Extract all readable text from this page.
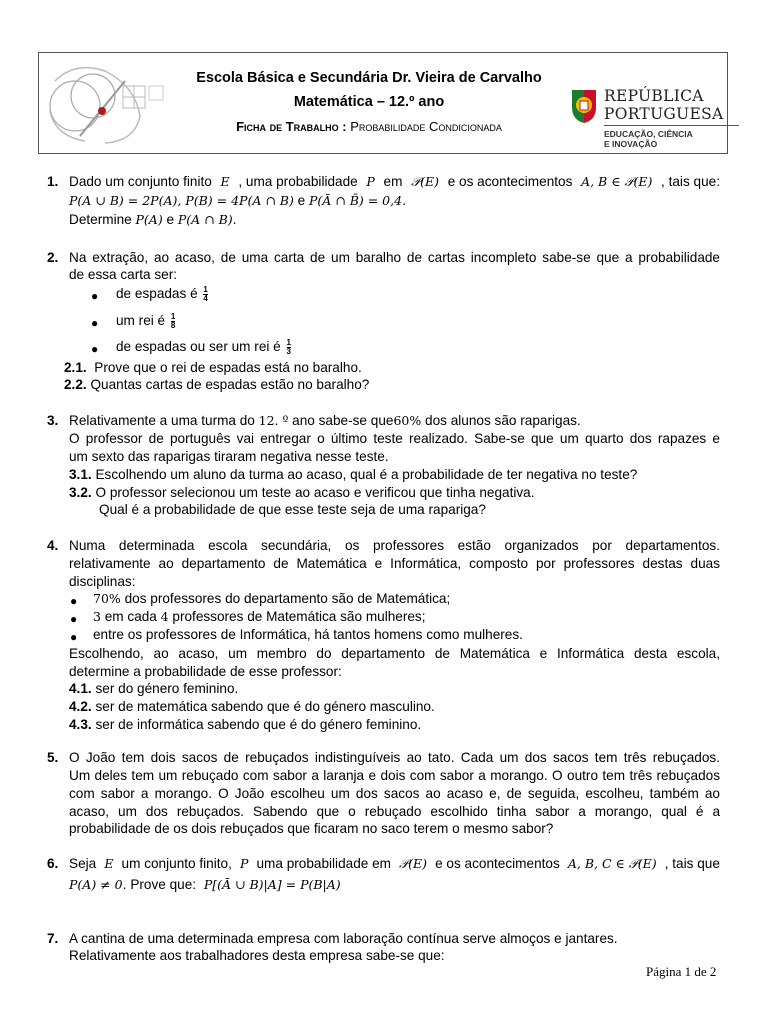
Escola Básica e Secundária Dr. Vieira de Carvalho
Matemática – 12.º ano
Ficha de Trabalho : Probabilidade Condicionada
REPÚBLICA
PORTUGUESA
EDUCAÇÃO, CIÊNCIA
E INOVAÇÃO
1. Dado um conjunto finito E , uma probabilidade P em 𝒫(E) e os acontecimentos A, B ∈ 𝒫(E) , tais que:
P(A ∪ B) = 2P(A), P(B) = 4P(A ∩ B) e P(Ā ∩ B̄) = 0,4.
Determine P(A) e P(A ∩ B).
2. Na extração, ao acaso, de uma carta de um baralho de cartas incompleto sabe-se que a probabilidade
de essa carta ser:
● de espadas é $\frac{1}{4}$
● um rei é $\frac{1}{8}$
● de espadas ou ser um rei é $\frac{1}{3}$
2.1. Prove que o rei de espadas está no baralho.
2.2. Quantas cartas de espadas estão no baralho?
3. Relativamente a uma turma do 12. º ano sabe-se que60% dos alunos são raparigas.
O professor de português vai entregar o último teste realizado. Sabe-se que um quarto dos rapazes e
um sexto das raparigas tiraram negativa nesse teste.
3.1. Escolhendo um aluno da turma ao acaso, qual é a probabilidade de ter negativa no teste?
3.2. O professor selecionou um teste ao acaso e verificou que tinha negativa.
Qual é a probabilidade de que esse teste seja de uma rapariga?
4. Numa determinada escola secundária, os professores estão organizados por departamentos.
relativamente ao departamento de Matemática e Informática, composto por professores destas duas
disciplinas:
● 70% dos professores do departamento são de Matemática;
● 3 em cada 4 professores de Matemática são mulheres;
● entre os professores de Informática, há tantos homens como mulheres.
Escolhendo, ao acaso, um membro do departamento de Matemática e Informática desta escola,
determine a probabilidade de esse professor:
4.1. ser do género feminino.
4.2. ser de matemática sabendo que é do género masculino.
4.3. ser de informática sabendo que é do género feminino.
5. O João tem dois sacos de rebuçados indistinguíveis ao tato. Cada um dos sacos tem três rebuçados.
Um deles tem um rebuçado com sabor a laranja e dois com sabor a morango. O outro tem três rebuçados
com sabor a morango. O João escolheu um dos sacos ao acaso e, de seguida, escolheu, também ao
acaso, um dos rebuçados. Sabendo que o rebuçado escolhido tinha sabor a morango, qual é a
probabilidade de os dois rebuçados que ficaram no saco terem o mesmo sabor?
6. Seja E um conjunto finito, P uma probabilidade em 𝒫(E) e os acontecimentos A, B, C ∈ 𝒫(E) , tais que
P(A) ≠ 0. Prove que: P[(Ā ∪ B)|A] = P(B|A)
7. A cantina de uma determinada empresa com laboração contínua serve almoços e jantares.
Relativamente aos trabalhadores desta empresa sabe-se que:
Página 1 de 2
